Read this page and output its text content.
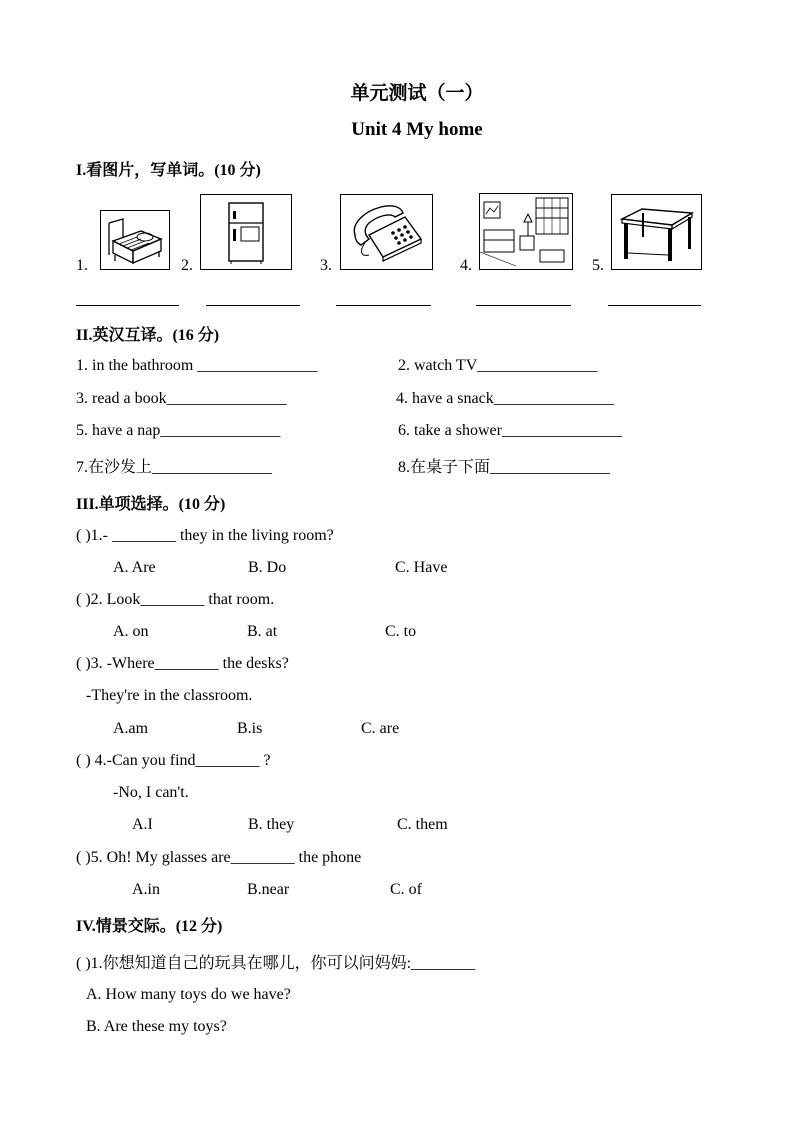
单元测试（一）
Unit 4 My home
I.看图片，写单词。(10 分)
1.	2.	3.	4.	5.
II.英汉互译。(16 分)
1. in the bathroom _______________	2. watch TV_______________
3. read a book_______________	4. have a snack_______________
5. have a nap_______________	6. take a shower_______________
7.在沙发上_______________	8.在桌子下面_______________
III.单项选择。(10 分)
( )1.- ________ they in the living room?
A. Are	B. Do	C. Have
( )2. Look________ that room.
A. on	B. at	C. to
( )3. -Where________ the desks?
-They're in the classroom.
A.am	B.is	C. are
( ) 4.-Can you find________ ?
-No, I can't.
A.I	B. they	C. them
( )5. Oh! My glasses are________ the phone
A.in	B.near	C. of
IV.情景交际。(12 分)
( )1.你想知道自己的玩具在哪儿，你可以问妈妈:________
A. How many toys do we have?
B. Are these my toys?
